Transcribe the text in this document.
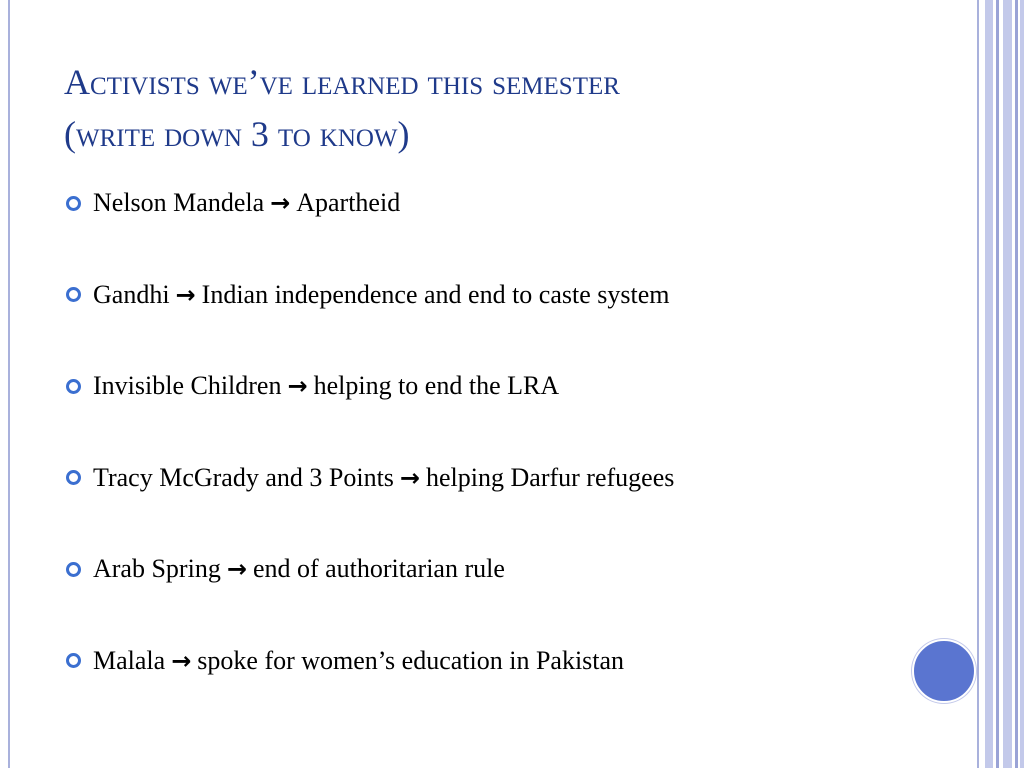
Activists we’ve learned this semester
(write down 3 to know)
Nelson Mandela → Apartheid
Gandhi → Indian independence and end to caste system
Invisible Children → helping to end the LRA
Tracy McGrady and 3 Points → helping Darfur refugees
Arab Spring → end of authoritarian rule
Malala → spoke for women’s education in Pakistan
